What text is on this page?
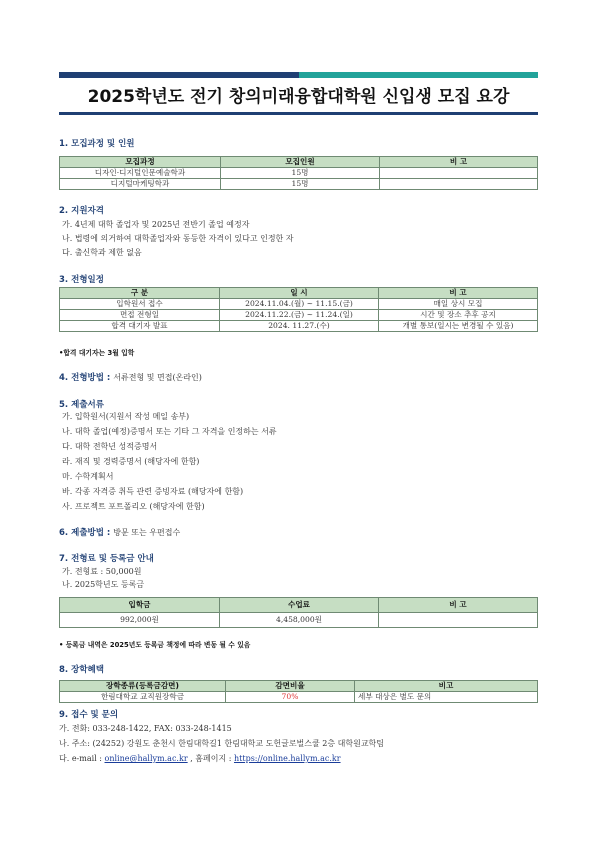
2025학년도 전기 창의미래융합대학원 신입생 모집 요강
1. 모집과정 및 인원
모집과정	모집인원	비 고
디자인·디지털인문예술학과	15명	
디지털마케팅학과	15명	
2. 지원자격
가. 4년제 대학 졸업자 및 2025년 전반기 졸업 예정자
나. 법령에 의거하여 대학졸업자와 동등한 자격이 있다고 인정한 자
다. 출신학과 제한 없음
3. 전형일정
구 분	일 시	비 고
입학원서 접수	2024.11.04.(월) ~ 11.15.(금)	매일 상시 모집
면접 전형일	2024.11.22.(금) ~ 11.24.(일)	시간 및 장소 추후 공지
합격 대기자 발표	2024. 11.27.(수)	개별 통보(일시는 변경될 수 있음)
•합격 대기자는 3월 입학
4. 전형방법 : 서류전형 및 면접(온라인)
5. 제출서류
가. 입학원서(지원서 작성 메일 송부)
나. 대학 졸업(예정)증명서 또는 기타 그 자격을 인정하는 서류
다. 대학 전학년 성적증명서
라. 재직 및 경력증명서 (해당자에 한함)
마. 수학계획서
바. 각종 자격증 취득 관련 증빙자료 (해당자에 한함)
사. 프로젝트 포트폴리오 (해당자에 한함)
6. 제출방법 : 방문 또는 우편접수
7. 전형료 및 등록금 안내
가. 전형료 : 50,000원
나. 2025학년도 등록금
입학금	수업료	비 고
992,000원	4,458,000원	
• 등록금 내역은 2025년도 등록금 책정에 따라 변동 될 수 있음
8. 장학혜택
장학종류(등록금감면)	감면비율	비고
한림대학교 교직원장학금	70%	세부 대상은 별도 문의
9. 접수 및 문의
가. 전화: 033-248-1422, FAX: 033-248-1415
나. 주소: (24252) 강원도 춘천시 한림대학길1 한림대학교 도헌글로벌스쿨 2층 대학원교학팀
다. e-mail : online@hallym.ac.kr , 홈페이지 : https://online.hallym.ac.kr
